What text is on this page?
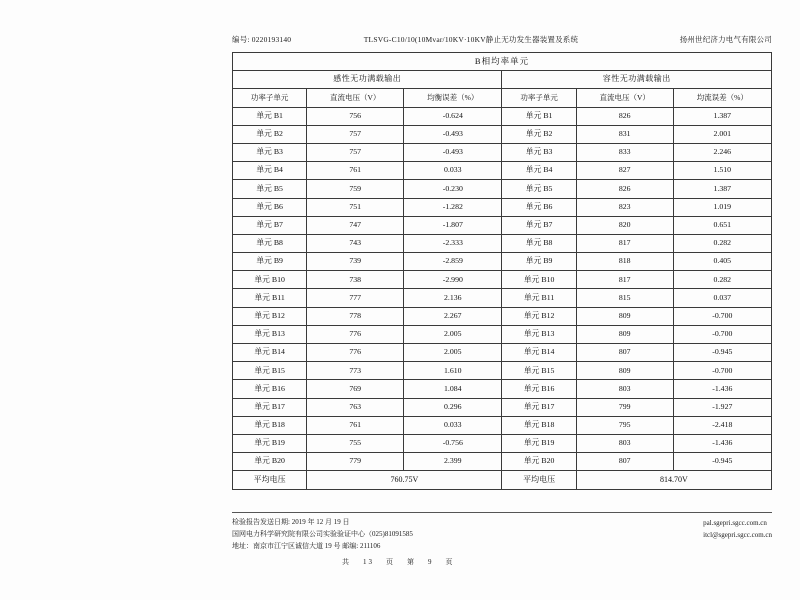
编号: 0220193140	TLSVG-C10/10(10Mvar/10KV·10KV静止无功发生器装置及系统	扬州世纪济力电气有限公司
B相均率单元					
感性无功满载输出			容性无功满载输出		
功率子单元	直流电压（V）	均衡误差（%）	功率子单元	直流电压（V）	均流误差（%）
单元 B1	756	-0.624	单元 B1	826	1.387
单元 B2	757	-0.493	单元 B2	831	2.001
单元 B3	757	-0.493	单元 B3	833	2.246
单元 B4	761	0.033	单元 B4	827	1.510
单元 B5	759	-0.230	单元 B5	826	1.387
单元 B6	751	-1.282	单元 B6	823	1.019
单元 B7	747	-1.807	单元 B7	820	0.651
单元 B8	743	-2.333	单元 B8	817	0.282
单元 B9	739	-2.859	单元 B9	818	0.405
单元 B10	738	-2.990	单元 B10	817	0.282
单元 B11	777	2.136	单元 B11	815	0.037
单元 B12	778	2.267	单元 B12	809	-0.700
单元 B13	776	2.005	单元 B13	809	-0.700
单元 B14	776	2.005	单元 B14	807	-0.945
单元 B15	773	1.610	单元 B15	809	-0.700
单元 B16	769	1.084	单元 B16	803	-1.436
单元 B17	763	0.296	单元 B17	799	-1.927
单元 B18	761	0.033	单元 B18	795	-2.418
单元 B19	755	-0.756	单元 B19	803	-1.436
单元 B20	779	2.399	单元 B20	807	-0.945
平均电压	760.75V		平均电压	814.70V	
检验报告发送日期: 2019 年 12 月 19 日
国网电力科学研究院有限公司实验验证中心（025)81091585
地址：南京市江宁区诚信大道 19 号 邮编: 211106
pal.sgepri.sgcc.com.cn
itcl@sgepri.sgcc.com.cn
共 13 页 第 9 页
